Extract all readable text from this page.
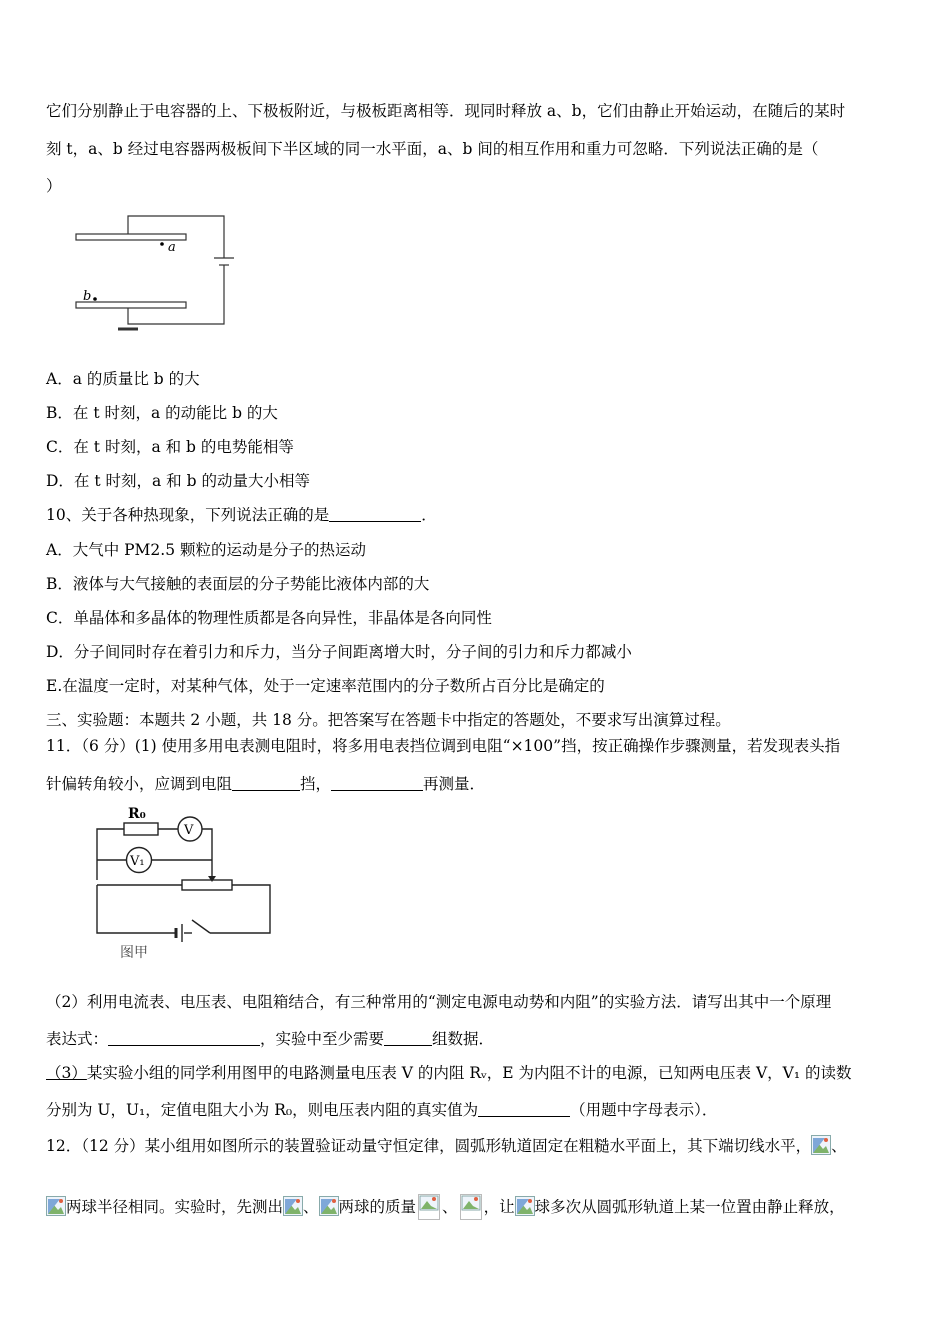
它们分别静止于电容器的上、下极板附近，与极板距离相等．现同时释放 a、b，它们由静止开始运动，在随后的某时
刻 t，a、b 经过电容器两极板间下半区域的同一水平面，a、b 间的相互作用和重力可忽略．下列说法正确的是（
）
a
b
A．a 的质量比 b 的大
B．在 t 时刻，a 的动能比 b 的大
C．在 t 时刻，a 和 b 的电势能相等
D．在 t 时刻，a 和 b 的动量大小相等
10、关于各种热现象，下列说法正确的是	．
A．大气中 PM2.5 颗粒的运动是分子的热运动
B．液体与大气接触的表面层的分子势能比液体内部的大
C．单晶体和多晶体的物理性质都是各向异性，非晶体是各向同性
D．分子间同时存在着引力和斥力，当分子间距离增大时，分子间的引力和斥力都减小
E.在温度一定时，对某种气体，处于一定速率范围内的分子数所占百分比是确定的
三、实验题：本题共 2 小题，共 18 分。把答案写在答题卡中指定的答题处，不要求写出演算过程。
11．（6 分）(1) 使用多用电表测电阻时，将多用电表挡位调到电阻“×100”挡，按正确操作步骤测量，若发现表头指
针偏转角较小，应调到电阻	挡，	再测量．
R₀
V
V₁
图甲
（2）利用电流表、电压表、电阻箱结合，有三种常用的“测定电源电动势和内阻”的实验方法．请写出其中一个原理
表达式：	，实验中至少需要	组数据．
（3）某实验小组的同学利用图甲的电路测量电压表 V 的内阻 Rᵥ，E 为内阻不计的电源，已知两电压表 V，V₁ 的读数
分别为 U，U₁，定值电阻大小为 R₀，则电压表内阻的真实值为	（用题中字母表示）．
12．（12 分）某小组用如图所示的装置验证动量守恒定律，圆弧形轨道固定在粗糙水平面上，其下端切线水平， 、
两球半径相同。实验时，先测出 、 两球的质量 、 ，让 球多次从圆弧形轨道上某一位置由静止释放，
